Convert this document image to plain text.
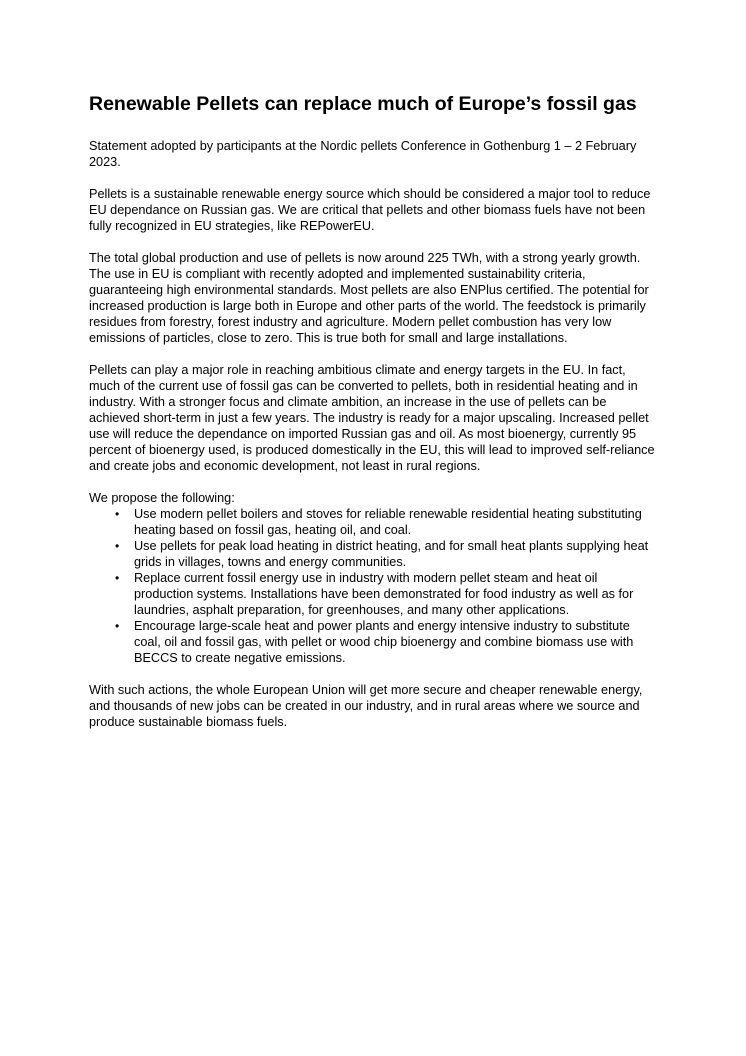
Renewable Pellets can replace much of Europe’s fossil gas

Statement adopted by participants at the Nordic pellets Conference in Gothenburg 1 – 2 February 2023.

Pellets is a sustainable renewable energy source which should be considered a major tool to reduce EU dependance on Russian gas. We are critical that pellets and other biomass fuels have not been fully recognized in EU strategies, like REPowerEU.

The total global production and use of pellets is now around 225 TWh, with a strong yearly growth. The use in EU is compliant with recently adopted and implemented sustainability criteria, guaranteeing high environmental standards. Most pellets are also ENPlus certified. The potential for increased production is large both in Europe and other parts of the world. The feedstock is primarily residues from forestry, forest industry and agriculture. Modern pellet combustion has very low emissions of particles, close to zero. This is true both for small and large installations.

Pellets can play a major role in reaching ambitious climate and energy targets in the EU. In fact, much of the current use of fossil gas can be converted to pellets, both in residential heating and in industry. With a stronger focus and climate ambition, an increase in the use of pellets can be achieved short-term in just a few years. The industry is ready for a major upscaling. Increased pellet use will reduce the dependance on imported Russian gas and oil. As most bioenergy, currently 95 percent of bioenergy used, is produced domestically in the EU, this will lead to improved self-reliance and create jobs and economic development, not least in rural regions.

We propose the following:

• Use modern pellet boilers and stoves for reliable renewable residential heating substituting heating based on fossil gas, heating oil, and coal.
• Use pellets for peak load heating in district heating, and for small heat plants supplying heat grids in villages, towns and energy communities.
• Replace current fossil energy use in industry with modern pellet steam and heat oil production systems. Installations have been demonstrated for food industry as well as for laundries, asphalt preparation, for greenhouses, and many other applications.
• Encourage large-scale heat and power plants and energy intensive industry to substitute coal, oil and fossil gas, with pellet or wood chip bioenergy and combine biomass use with BECCS to create negative emissions.

With such actions, the whole European Union will get more secure and cheaper renewable energy, and thousands of new jobs can be created in our industry, and in rural areas where we source and produce sustainable biomass fuels.
